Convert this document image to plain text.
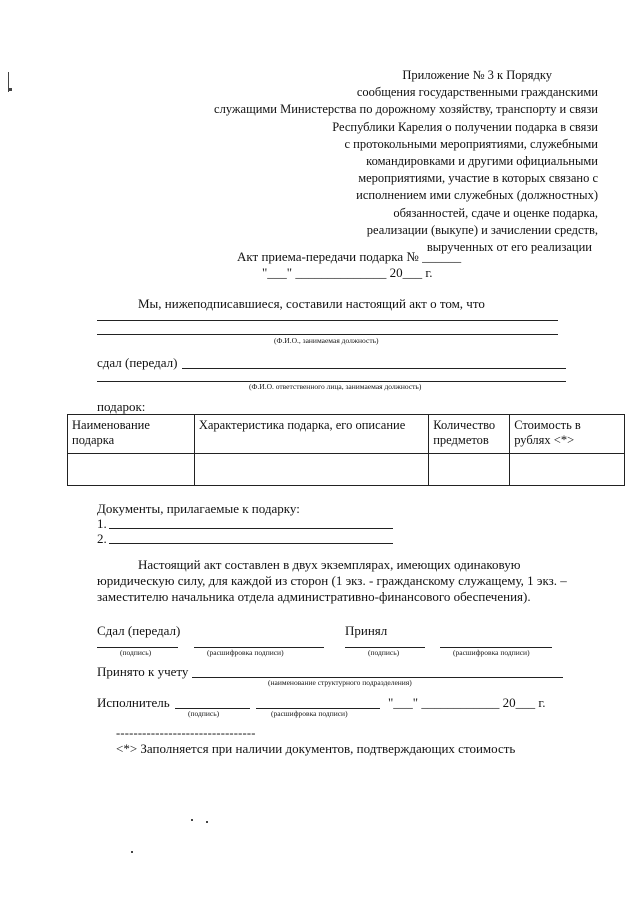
Приложение № 3 к Порядку
сообщения государственными гражданскими
служащими Министерства по дорожному хозяйству, транспорту и связи
Республики Карелия о получении подарка в связи
с протокольными мероприятиями, служебными
командировками и другими официальными
мероприятиями, участие в которых связано с
исполнением ими служебных (должностных)
обязанностей, сдаче и оценке подарка,
реализации (выкупе) и зачислении средств,
вырученных от его реализации
Акт приема-передачи подарка № ______
"___" ______________ 20___ г.
Мы, нижеподписавшиеся, составили настоящий акт о том, что
(Ф.И.О., занимаемая должность)
сдал (передал)
(Ф.И.О. ответственного лица, занимаемая должность)
подарок:
Наименование подарка	Характеристика подарка, его описание	Количество предметов	Стоимость в рублях <*>

Документы, прилагаемые к подарку:
1.
2.
Настоящий акт составлен в двух экземплярах, имеющих одинаковую
юридическую силу, для каждой из сторон (1 экз. - гражданскому служащему, 1 экз. –
заместителю начальника отдела административно-финансового обеспечения).
Сдал (передал)	Принял
(подпись)	(расшифровка подписи)	(подпись)	(расшифровка подписи)
Принято к учету
(наименование структурного подразделения)
Исполнитель	"___" ____________ 20___ г.
(подпись)	(расшифровка подписи)
--------------------------------
<*> Заполняется при наличии документов, подтверждающих стоимость
